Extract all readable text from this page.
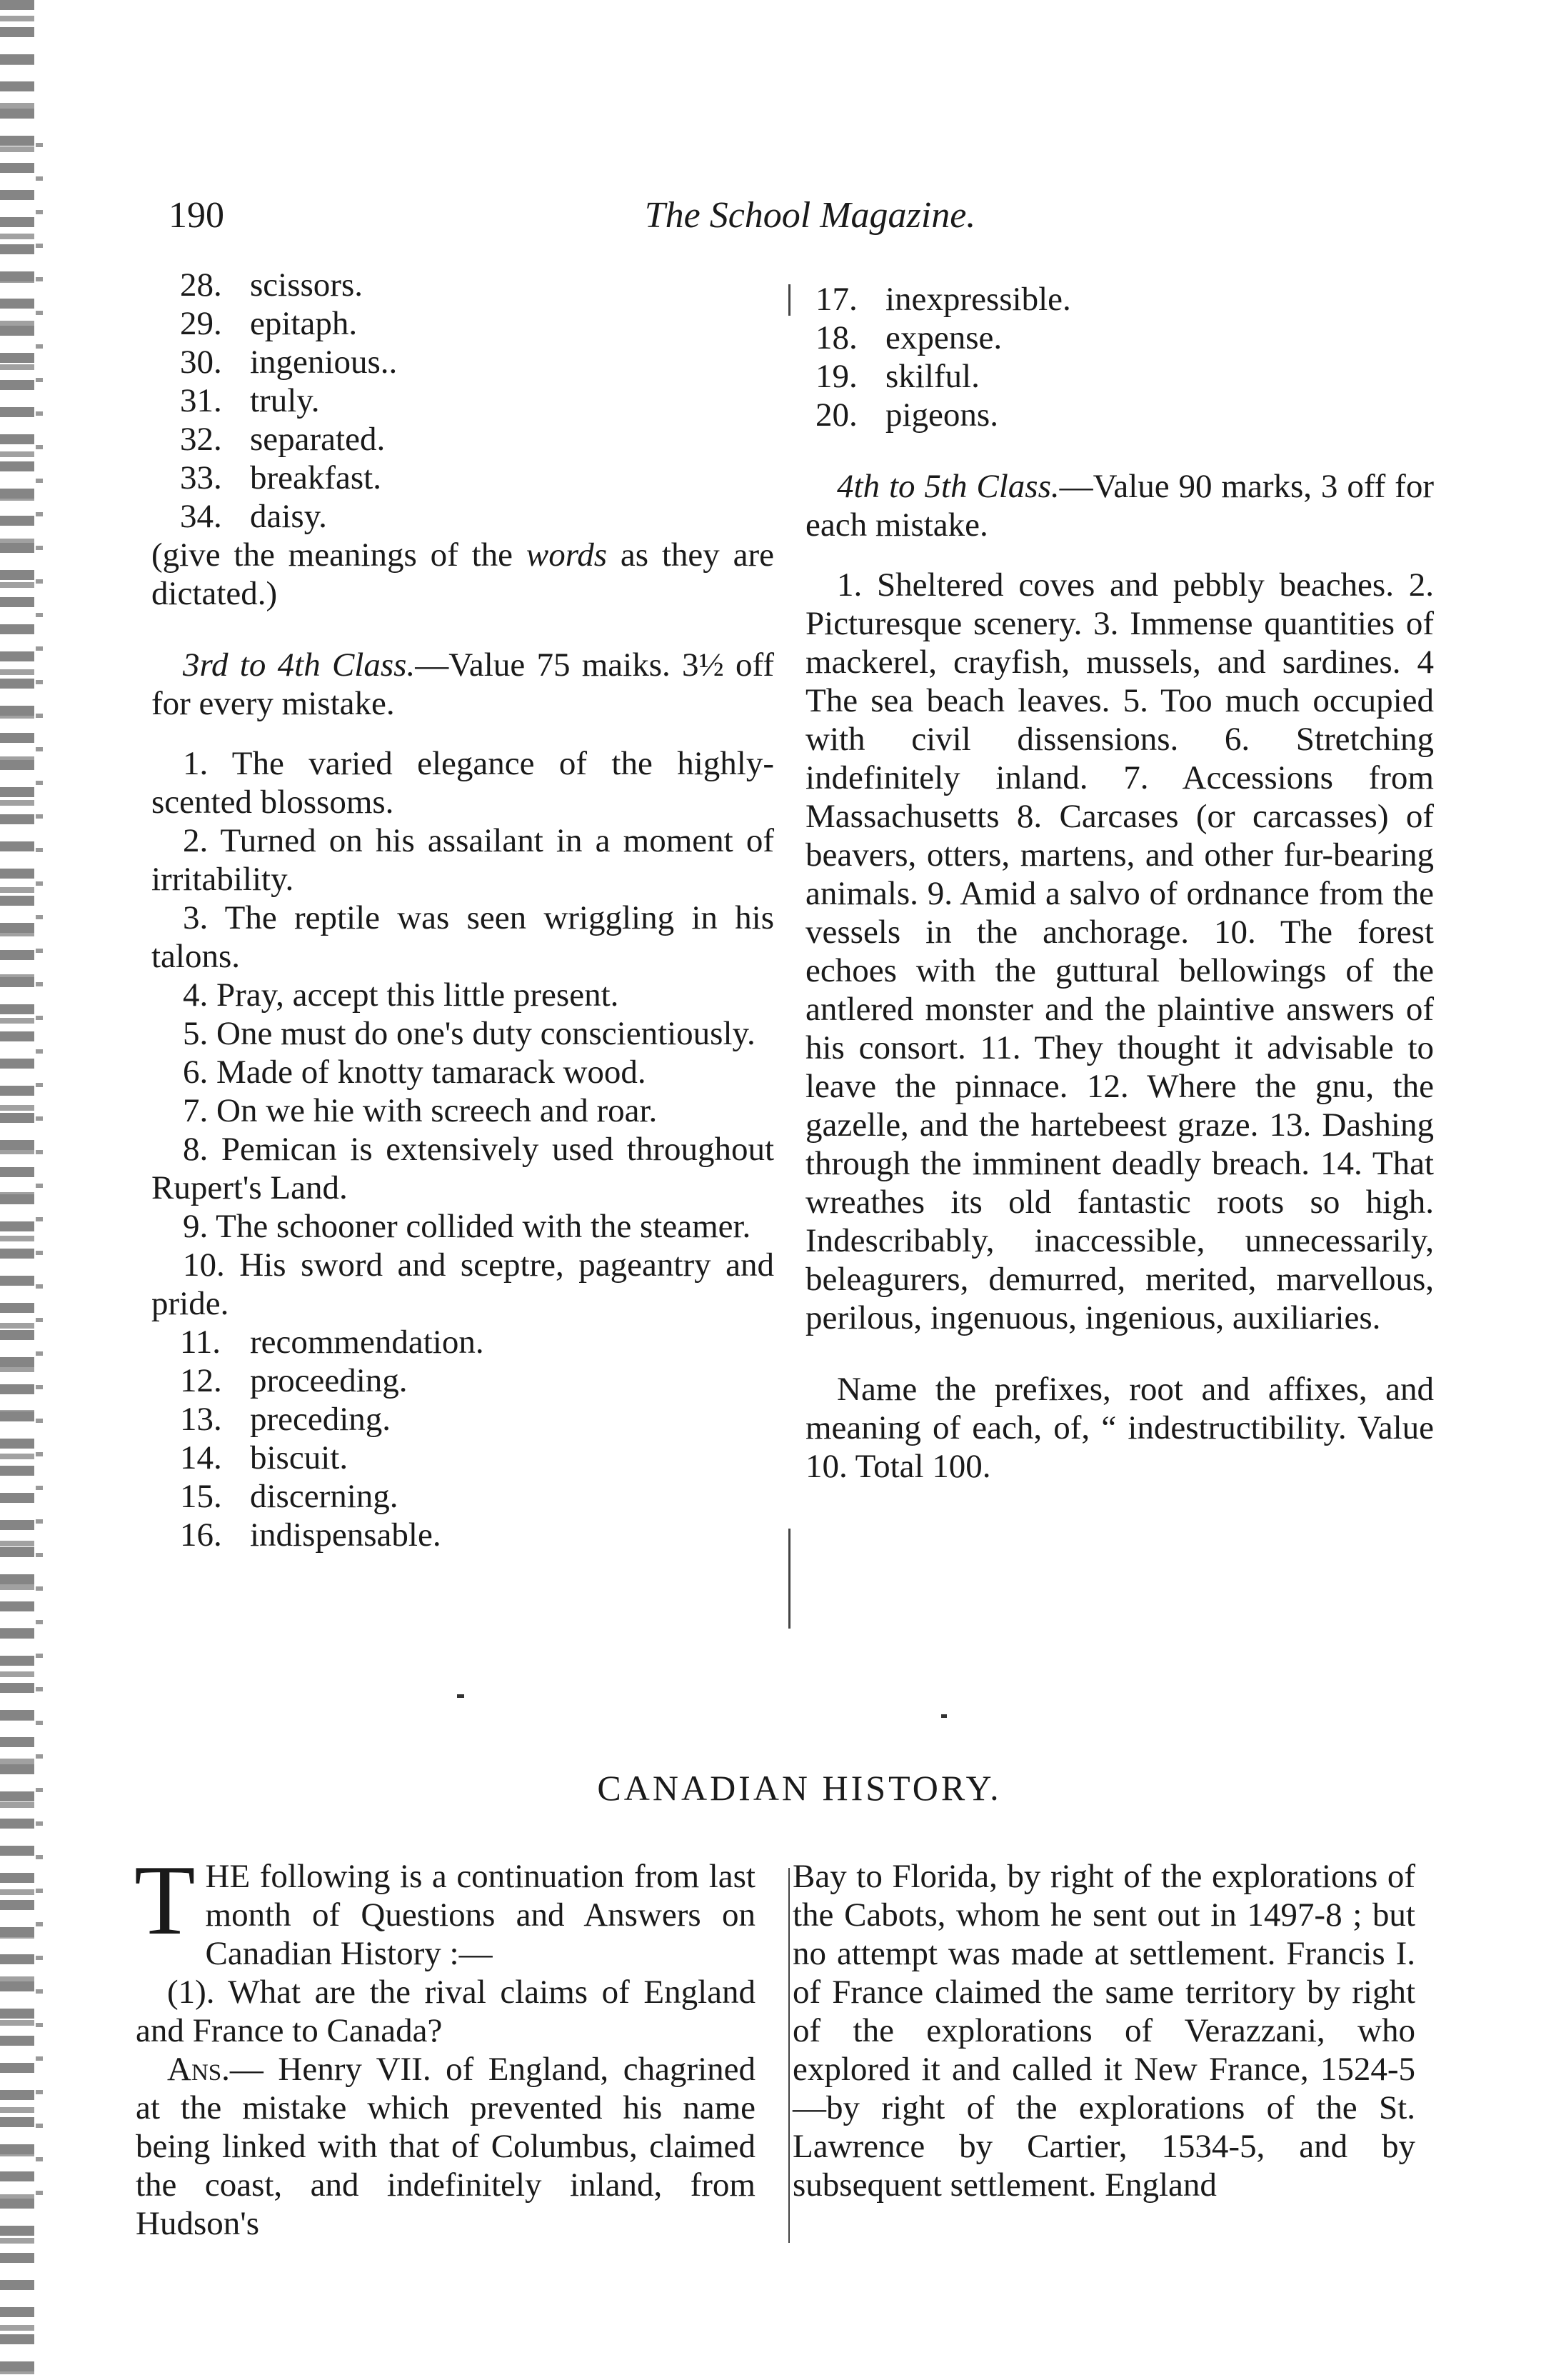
190	The School Magazine.

28. scissors.

29. epitaph.

30. ingenious..

31. truly.

32. separated.

33. breakfast.

34. daisy.

(give the meanings of the words as they are dictated.)

3rd to 4th Class.—Value 75 maiks. 3½ off for every mistake.

1. The varied elegance of the highly-scented blossoms.

2. Turned on his assailant in a moment of irritability.

3. The reptile was seen wriggling in his talons.

4. Pray, accept this little present.

5. One must do one's duty conscientiously.

6. Made of knotty tamarack wood.

7. On we hie with screech and roar.

8. Pemican is extensively used throughout Rupert's Land.

9. The schooner collided with the steamer.

10. His sword and sceptre, pageantry and pride.

11. recommendation.

12. proceeding.

13. preceding.

14. biscuit.

15. discerning.

16. indispensable.

17. inexpressible.

18. expense.

19. skilful.

20. pigeons.

4th to 5th Class.—Value 90 marks, 3 off for each mistake.

1. Sheltered coves and pebbly beaches. 2. Picturesque scenery. 3. Immense quantities of mackerel, crayfish, mussels, and sardines. 4 The sea beach leaves. 5. Too much occupied with civil dissensions. 6. Stretching indefinitely inland. 7. Accessions from Massachusetts 8. Carcases (or carcasses) of beavers, otters, martens, and other fur-bearing animals. 9. Amid a salvo of ordnance from the vessels in the anchorage. 10. The forest echoes with the guttural bellowings of the antlered monster and the plaintive answers of his consort. 11. They thought it advisable to leave the pinnace. 12. Where the gnu, the gazelle, and the hartebeest graze. 13. Dashing through the imminent deadly breach. 14. That wreathes its old fantastic roots so high. Indescribably, inaccessible, unnecessarily, beleagurers, demurred, merited, marvellous, perilous, ingenuous, ingenious, auxiliaries.

Name the prefixes, root and affixes, and meaning of each, of, “ indestructibility. Value 10. Total 100.

CANADIAN HISTORY.

THE following is a continuation from last month of Questions and Answers on Canadian History :—

(1). What are the rival claims of England and France to Canada?

Ans.— Henry VII. of England, chagrined at the mistake which prevented his name being linked with that of Columbus, claimed the coast, and indefinitely inland, from Hudson's

Bay to Florida, by right of the explorations of the Cabots, whom he sent out in 1497-8 ; but no attempt was made at settlement. Francis I. of France claimed the same territory by right of the explorations of Verazzani, who explored it and called it New France, 1524-5—by right of the explorations of the St. Lawrence by Cartier, 1534-5, and by subsequent settlement. England
